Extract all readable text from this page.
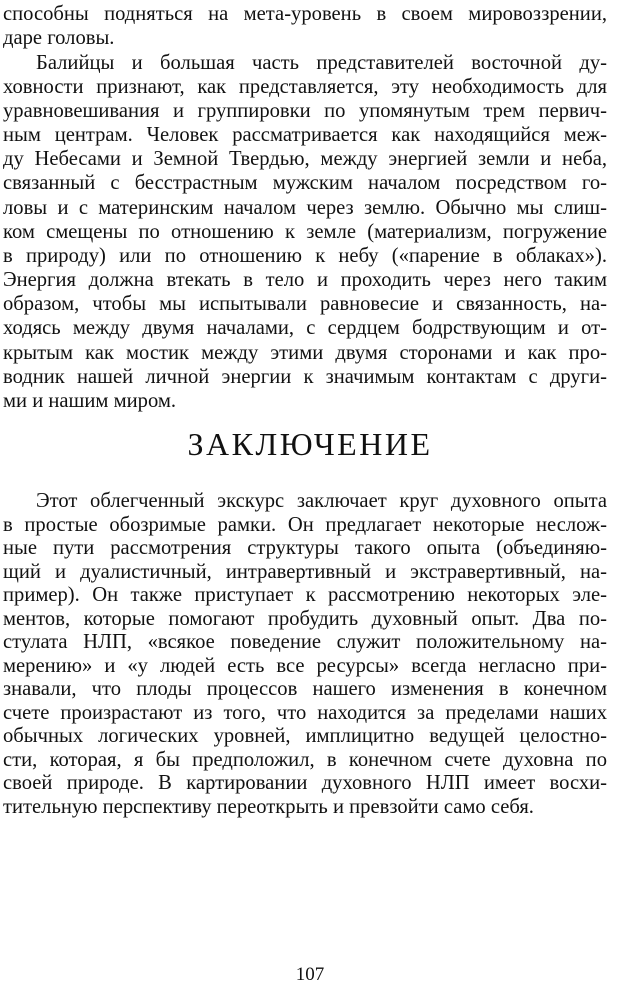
способны подняться на мета-уровень в своем мировоззрении,
даре головы.
Балийцы и большая часть представителей восточной ду-
ховности признают, как представляется, эту необходимость для
уравновешивания и группировки по упомянутым трем первич-
ным центрам. Человек рассматривается как находящийся меж-
ду Небесами и Земной Твердью, между энергией земли и неба,
связанный с бесстрастным мужским началом посредством го-
ловы и с материнским началом через землю. Обычно мы слиш-
ком смещены по отношению к земле (материализм, погружение
в природу) или по отношению к небу («парение в облаках»).
Энергия должна втекать в тело и проходить через него таким
образом, чтобы мы испытывали равновесие и связанность, на-
ходясь между двумя началами, с сердцем бодрствующим и от-
крытым как мостик между этими двумя сторонами и как про-
водник нашей личной энергии к значимым контактам с други-
ми и нашим миром.
ЗАКЛЮЧЕНИЕ
Этот облегченный экскурс заключает круг духовного опыта
в простые обозримые рамки. Он предлагает некоторые неслож-
ные пути рассмотрения структуры такого опыта (объединяю-
щий и дуалистичный, интравертивный и экстравертивный, на-
пример). Он также приступает к рассмотрению некоторых эле-
ментов, которые помогают пробудить духовный опыт. Два по-
стулата НЛП, «всякое поведение служит положительному на-
мерению» и «у людей есть все ресурсы» всегда негласно при-
знавали, что плоды процессов нашего изменения в конечном
счете произрастают из того, что находится за пределами наших
обычных логических уровней, имплицитно ведущей целостно-
сти, которая, я бы предположил, в конечном счете духовна по
своей природе. В картировании духовного НЛП имеет восхи-
тительную перспективу переоткрыть и превзойти само себя.
107
